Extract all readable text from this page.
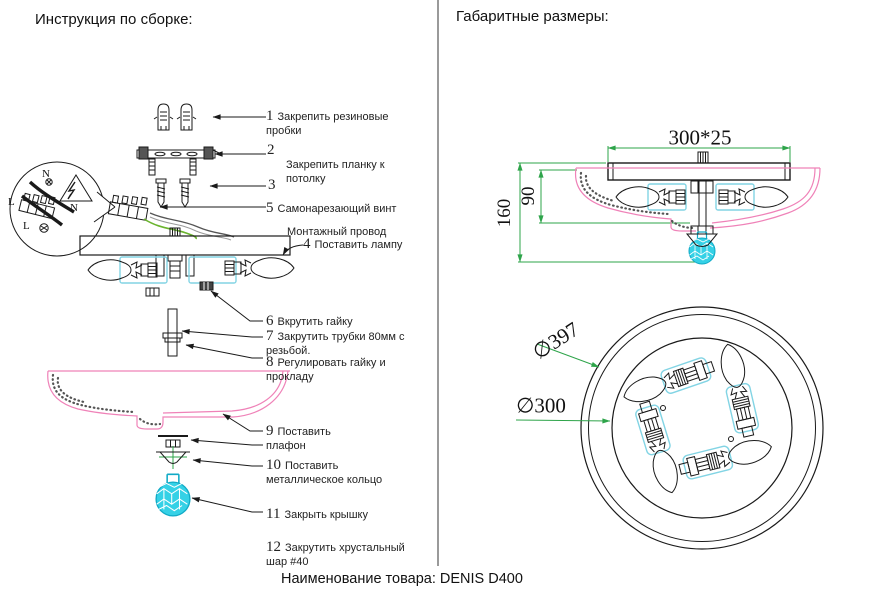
Инструкция по сборке:	Габаритные размеры:
Наименование товара: DENIS D400
1 Закрепить резиновые пробки
2
Закрепить планку к потолку
3
5 Самонарезающий винт
Монтажный провод
4 Поставить лампу
6 Вкрутить гайку
7 Закрутить трубки 80мм с резьбой.
8 Регулировать гайку и прокладу
9 Поставить плафон
10 Поставить металлическое кольцо
11 Закрыть крышку
12 Закрутить хрустальный шар #40
N
L	N
L
300*25
160
90
∅397
∅300
